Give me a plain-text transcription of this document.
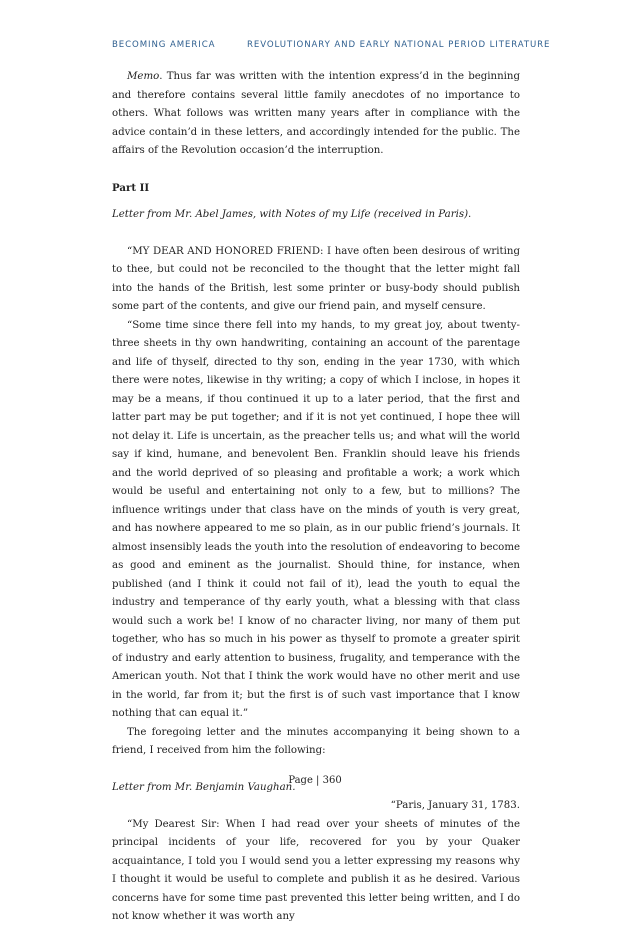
BECOMING AMERICA	REVOLUTIONARY AND EARLY NATIONAL PERIOD LITERATURE

Memo. Thus far was written with the intention express’d in the beginning and therefore contains several little family anecdotes of no importance to others. What follows was written many years after in compliance with the advice contain’d in these letters, and accordingly intended for the public. The affairs of the Revolution occasion’d the interruption.

Part II

Letter from Mr. Abel James, with Notes of my Life (received in Paris).

“MY DEAR AND HONORED FRIEND: I have often been desirous of writing to thee, but could not be reconciled to the thought that the letter might fall into the hands of the British, lest some printer or busy-body should publish some part of the contents, and give our friend pain, and myself censure.

“Some time since there fell into my hands, to my great joy, about twenty-three sheets in thy own handwriting, containing an account of the parentage and life of thyself, directed to thy son, ending in the year 1730, with which there were notes, likewise in thy writing; a copy of which I inclose, in hopes it may be a means, if thou continued it up to a later period, that the first and latter part may be put together; and if it is not yet continued, I hope thee will not delay it. Life is uncertain, as the preacher tells us; and what will the world say if kind, humane, and benevolent Ben. Franklin should leave his friends and the world deprived of so pleasing and profitable a work; a work which would be useful and entertaining not only to a few, but to millions? The influence writings under that class have on the minds of youth is very great, and has nowhere appeared to me so plain, as in our public friend’s journals. It almost insensibly leads the youth into the resolution of endeavoring to become as good and eminent as the journalist. Should thine, for instance, when published (and I think it could not fail of it), lead the youth to equal the industry and temperance of thy early youth, what a blessing with that class would such a work be! I know of no character living, nor many of them put together, who has so much in his power as thyself to promote a greater spirit of industry and early attention to business, frugality, and temperance with the American youth. Not that I think the work would have no other merit and use in the world, far from it; but the first is of such vast importance that I know nothing that can equal it.”

The foregoing letter and the minutes accompanying it being shown to a friend, I received from him the following:

Letter from Mr. Benjamin Vaughan.

“Paris, January 31, 1783.

“My Dearest Sir: When I had read over your sheets of minutes of the principal incidents of your life, recovered for you by your Quaker acquaintance, I told you I would send you a letter expressing my reasons why I thought it would be useful to complete and publish it as he desired. Various concerns have for some time past prevented this letter being written, and I do not know whether it was worth any

Page | 360
